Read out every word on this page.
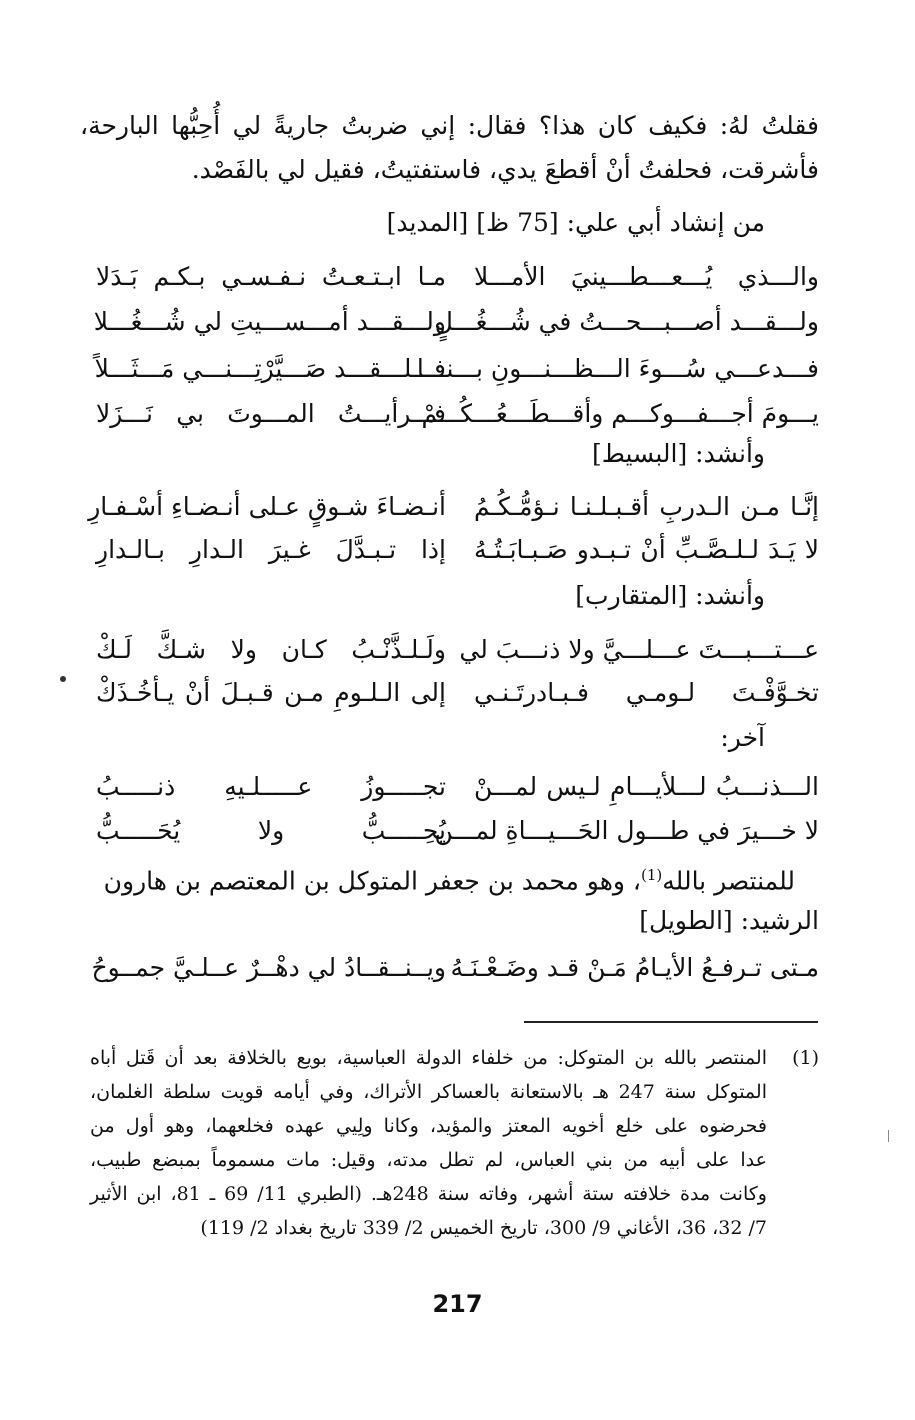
فقلتُ لهُ: فكيف كان هذا؟ فقال: إني ضربتُ جاريةً لي أُحِبُّها البارحة،
فأشرقت، فحلفتُ أنْ أقطعَ يدي، فاستفتيتُ، فقيل لي بالفَصْد.
من إنشاد أبي علي: [75 ظ] [المديد]
والـــذي يُـــعـــطـــينيَ الأمـــلا
مـا ابـتـعـتُ نـفـسـي بـكـم بَـدَلا
ولـــقـــد أصـــبـــحـــتُ في شُـــغُـــلٍ
ولـــقـــد أمـــســـيتِ لي شُـــغُـــلا
فـــدعـــي سُـــوءَ الـــظـــنـــونِ بـــنـــا
فـــلـــقـــد صَـــيَّرْتِـــنـــي مَـــثَـــلاً
يـــومَ أجـــفـــوكـــم وأقـــطَـــعُـــكُـــمْ
فـــرأيـــتُ المـــوتَ بي نَـــزَلا
وأنشد: [البسيط]
إنَّـا مـن الـدربِ أقـبـلـنـا نـؤمُّـكُـمُ
أنـضـاءَ شـوقٍ عـلى أنـضـاءِ أسْـفـارِ
لا يَـدَ لـلـصَّـبِّ أنْ تـبـدو صَـبـابَـتُـهُ
إذا تـبـدَّلَ غـيرَ الـدارِ بـالـدارِ
وأنشد: [المتقارب]
عـــتـــبـــتَ عـــلـــيَّ ولا ذنـــبَ لي
ولَـلـذَّنْـبُ كـان ولا شـكَّ لَـكْ
تخـوَّفْـتَ لـومـي فـبـادرتَـنـي
إلى الـلـومِ مـن قـبـلَ أنْ يـأخُـذَكْ
آخر:
الـــذنـــبُ لـــلأيـــامِ لـيس لمـــنْ
تجـــــوزُ عـــــلـيهِ ذنـــــبُ
لا خـــيرَ في طـــول الحَـــيـــاةِ لمـــن
يُحِـــــبُّ ولا يُحَـــــبُّ
للمنتصر بالله$^{(1)}$، وهو محمد بن جعفر المتوكل بن المعتصم بن هارون
الرشيد: [الطويل]
مـتى تـرفـعُ الأيـامُ مَـنْ قـد وضَـعْـنَـهُ
ويــنــقــادُ لي دهْــرٌ عــلـيَّ جمــوحُ
(1)
المنتصر بالله بن المتوكل: من خلفاء الدولة العباسية، بويع بالخلافة بعد أن قَتل أباه
المتوكل سنة 247 هـ بالاستعانة بالعساكر الأتراك، وفي أيامه قويت سلطة الغلمان،
فحرضوه على خلع أخويه المعتز والمؤيد، وكانا ولِيي عهده فخلعهما، وهو أول من
عدا على أبيه من بني العباس، لم تطل مدته، وقيل: مات مسموماً بمبضع طبيب،
وكانت مدة خلافته ستة أشهر، وفاته سنة 248هـ. (الطبري 11/ 69 ـ 81، ابن الأثير
7/ 32، 36، الأغاني 9/ 300، تاريخ الخميس 2/ 339 تاريخ بغداد 2/ 119)
217
